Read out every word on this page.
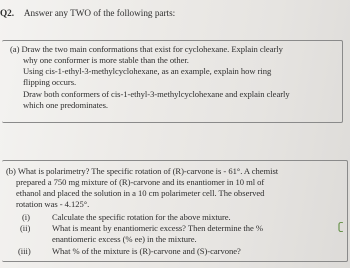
Q2. Answer any TWO of the following parts:
(a) Draw the two main conformations that exist for cyclohexane. Explain clearly
why one conformer is more stable than the other.
Using cis-1-ethyl-3-methylcyclohexane, as an example, explain how ring
flipping occurs.
Draw both conformers of cis-1-ethyl-3-methylcyclohexane and explain clearly
which one predominates.
(b) What is polarimetry? The specific rotation of (R)-carvone is - 61°. A chemist
prepared a 750 mg mixture of (R)-carvone and its enantiomer in 10 ml of
ethanol and placed the solution in a 10 cm polarimeter cell. The observed
rotation was - 4.125°.
(i)	Calculate the specific rotation for the above mixture.
(ii)	What is meant by enantiomeric excess? Then determine the %
enantiomeric excess (% ee) in the mixture.
(iii) What % of the mixture is (R)-carvone and (S)-carvone?
ʗ
